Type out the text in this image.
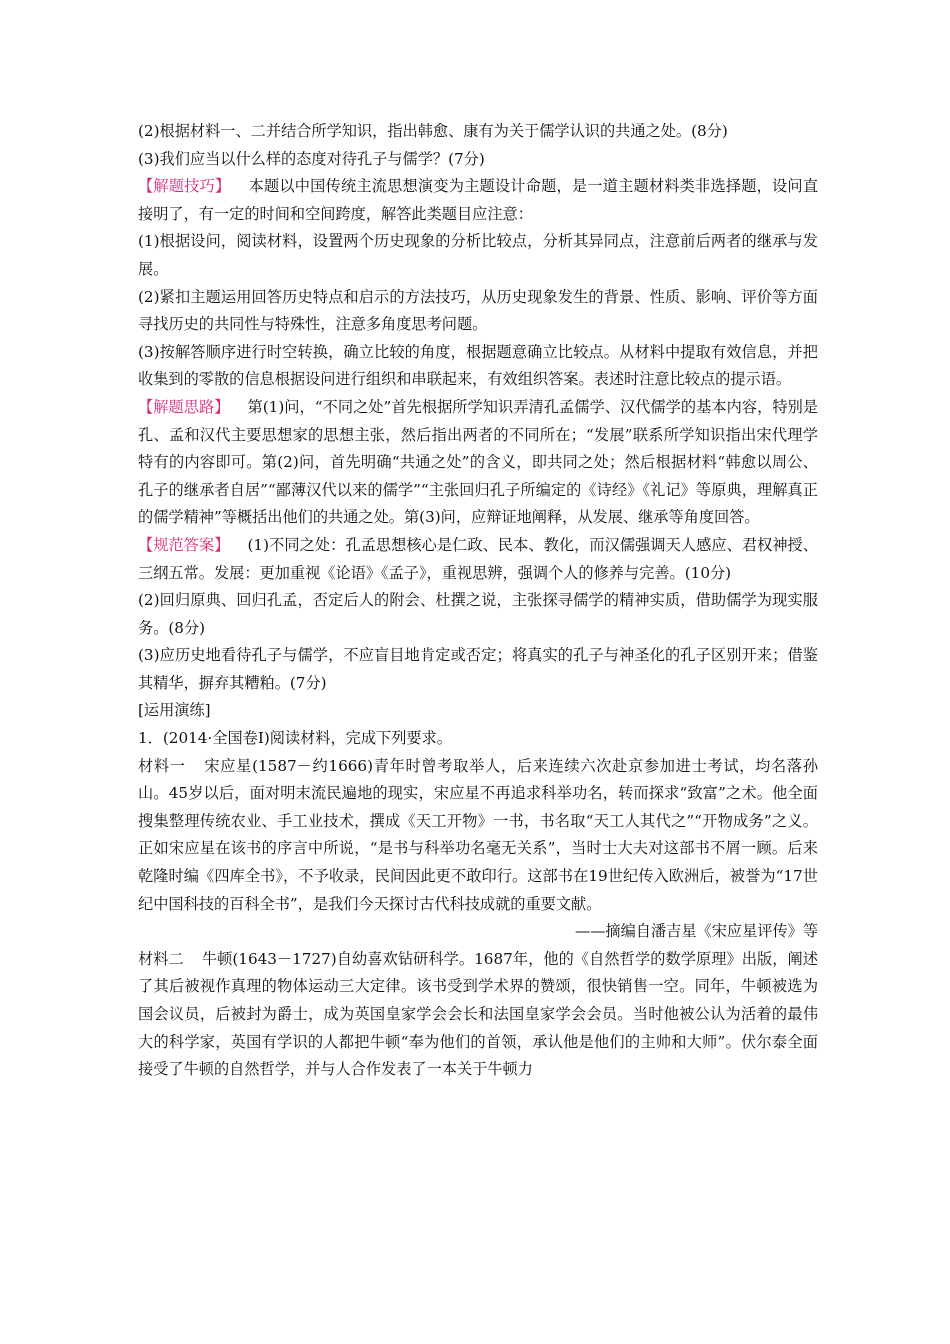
(2)根据材料一、二并结合所学知识，指出韩愈、康有为关于儒学认识的共通之处。(8分)

(3)我们应当以什么样的态度对待孔子与儒学？(7分)

【解题技巧】 本题以中国传统主流思想演变为主题设计命题，是一道主题材料类非选择题，设问直接明了，有一定的时间和空间跨度，解答此类题目应注意：

(1)根据设问，阅读材料，设置两个历史现象的分析比较点，分析其异同点，注意前后两者的继承与发展。

(2)紧扣主题运用回答历史特点和启示的方法技巧，从历史现象发生的背景、性质、影响、评价等方面寻找历史的共同性与特殊性，注意多角度思考问题。

(3)按解答顺序进行时空转换，确立比较的角度，根据题意确立比较点。从材料中提取有效信息，并把收集到的零散的信息根据设问进行组织和串联起来，有效组织答案。表述时注意比较点的提示语。

【解题思路】 第(1)问，“不同之处”首先根据所学知识弄清孔孟儒学、汉代儒学的基本内容，特别是孔、孟和汉代主要思想家的思想主张，然后指出两者的不同所在；“发展”联系所学知识指出宋代理学特有的内容即可。第(2)问，首先明确“共通之处”的含义，即共同之处；然后根据材料“韩愈以周公、孔子的继承者自居”“鄙薄汉代以来的儒学”“主张回归孔子所编定的《诗经》《礼记》等原典，理解真正的儒学精神”等概括出他们的共通之处。第(3)问，应辩证地阐释，从发展、继承等角度回答。

【规范答案】 (1)不同之处：孔孟思想核心是仁政、民本、教化，而汉儒强调天人感应、君权神授、三纲五常。发展：更加重视《论语》《孟子》，重视思辨，强调个人的修养与完善。(10分)

(2)回归原典、回归孔孟，否定后人的附会、杜撰之说，主张探寻儒学的精神实质，借助儒学为现实服务。(8分)

(3)应历史地看待孔子与儒学，不应盲目地肯定或否定；将真实的孔子与神圣化的孔子区别开来；借鉴其精华，摒弃其糟粕。(7分)

[运用演练]

1．(2014·全国卷Ⅰ)阅读材料，完成下列要求。

材料一 宋应星(1587－约1666)青年时曾考取举人，后来连续六次赴京参加进士考试，均名落孙山。45岁以后，面对明末流民遍地的现实，宋应星不再追求科举功名，转而探求“致富”之术。他全面搜集整理传统农业、手工业技术，撰成《天工开物》一书，书名取“天工人其代之”“开物成务”之义。正如宋应星在该书的序言中所说，“是书与科举功名毫无关系”，当时士大夫对这部书不屑一顾。后来乾隆时编《四库全书》，不予收录，民间因此更不敢印行。这部书在19世纪传入欧洲后，被誉为“17世纪中国科技的百科全书”，是我们今天探讨古代科技成就的重要文献。

——摘编自潘吉星《宋应星评传》等

材料二 牛顿(1643－1727)自幼喜欢钻研科学。1687年，他的《自然哲学的数学原理》出版，阐述了其后被视作真理的物体运动三大定律。该书受到学术界的赞颂，很快销售一空。同年，牛顿被选为国会议员，后被封为爵士，成为英国皇家学会会长和法国皇家学会会员。当时他被公认为活着的最伟大的科学家，英国有学识的人都把牛顿“奉为他们的首领，承认他是他们的主帅和大师”。伏尔泰全面接受了牛顿的自然哲学，并与人合作发表了一本关于牛顿力
